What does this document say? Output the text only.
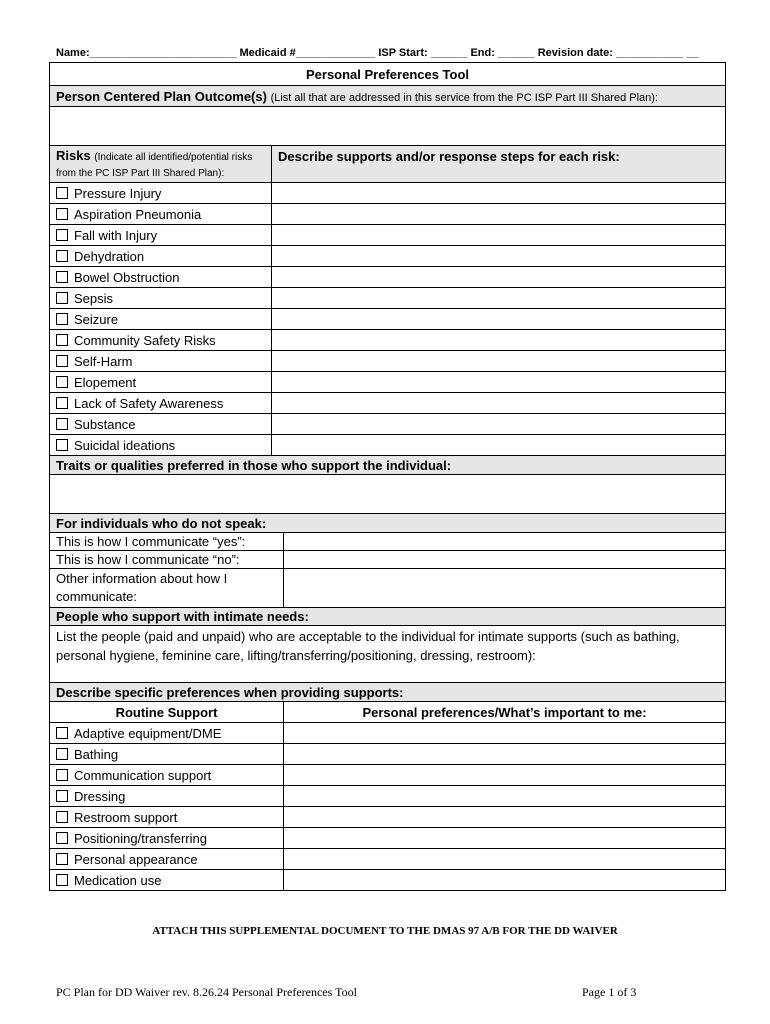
Name:________________________ Medicaid #_____________ ISP Start: ______ End: ______ Revision date: ___________ __
Personal Preferences Tool		
Person Centered Plan Outcome(s) (List all that are addressed in this service from the PC ISP Part III Shared Plan):		

Risks (Indicate all identified/potential risks from the PC ISP Part III Shared Plan):	Describe supports and/or response steps for each risk:	
Pressure Injury		
Aspiration Pneumonia		
Fall with Injury		
Dehydration		
Bowel Obstruction		
Sepsis		
Seizure		
Community Safety Risks		
Self-Harm		
Elopement		
Lack of Safety Awareness		
Substance		
Suicidal ideations		
Traits or qualities preferred in those who support the individual:		

For individuals who do not speak:		
This is how I communicate “yes”:		
This is how I communicate “no”:		
Other information about how I communicate:		
People who support with intimate needs:		
List the people (paid and unpaid) who are acceptable to the individual for intimate supports (such as bathing, personal hygiene, feminine care, lifting/transferring/positioning, dressing, restroom):		
Describe specific preferences when providing supports:		
Routine Support		Personal preferences/What’s important to me:
Adaptive equipment/DME		
Bathing		
Communication support		
Dressing		
Restroom support		
Positioning/transferring		
Personal appearance		
Medication use		
ATTACH THIS SUPPLEMENTAL DOCUMENT TO THE DMAS 97 A/B FOR THE DD WAIVER
PC Plan for DD Waiver rev. 8.26.24 Personal Preferences Tool	Page 1 of 3
